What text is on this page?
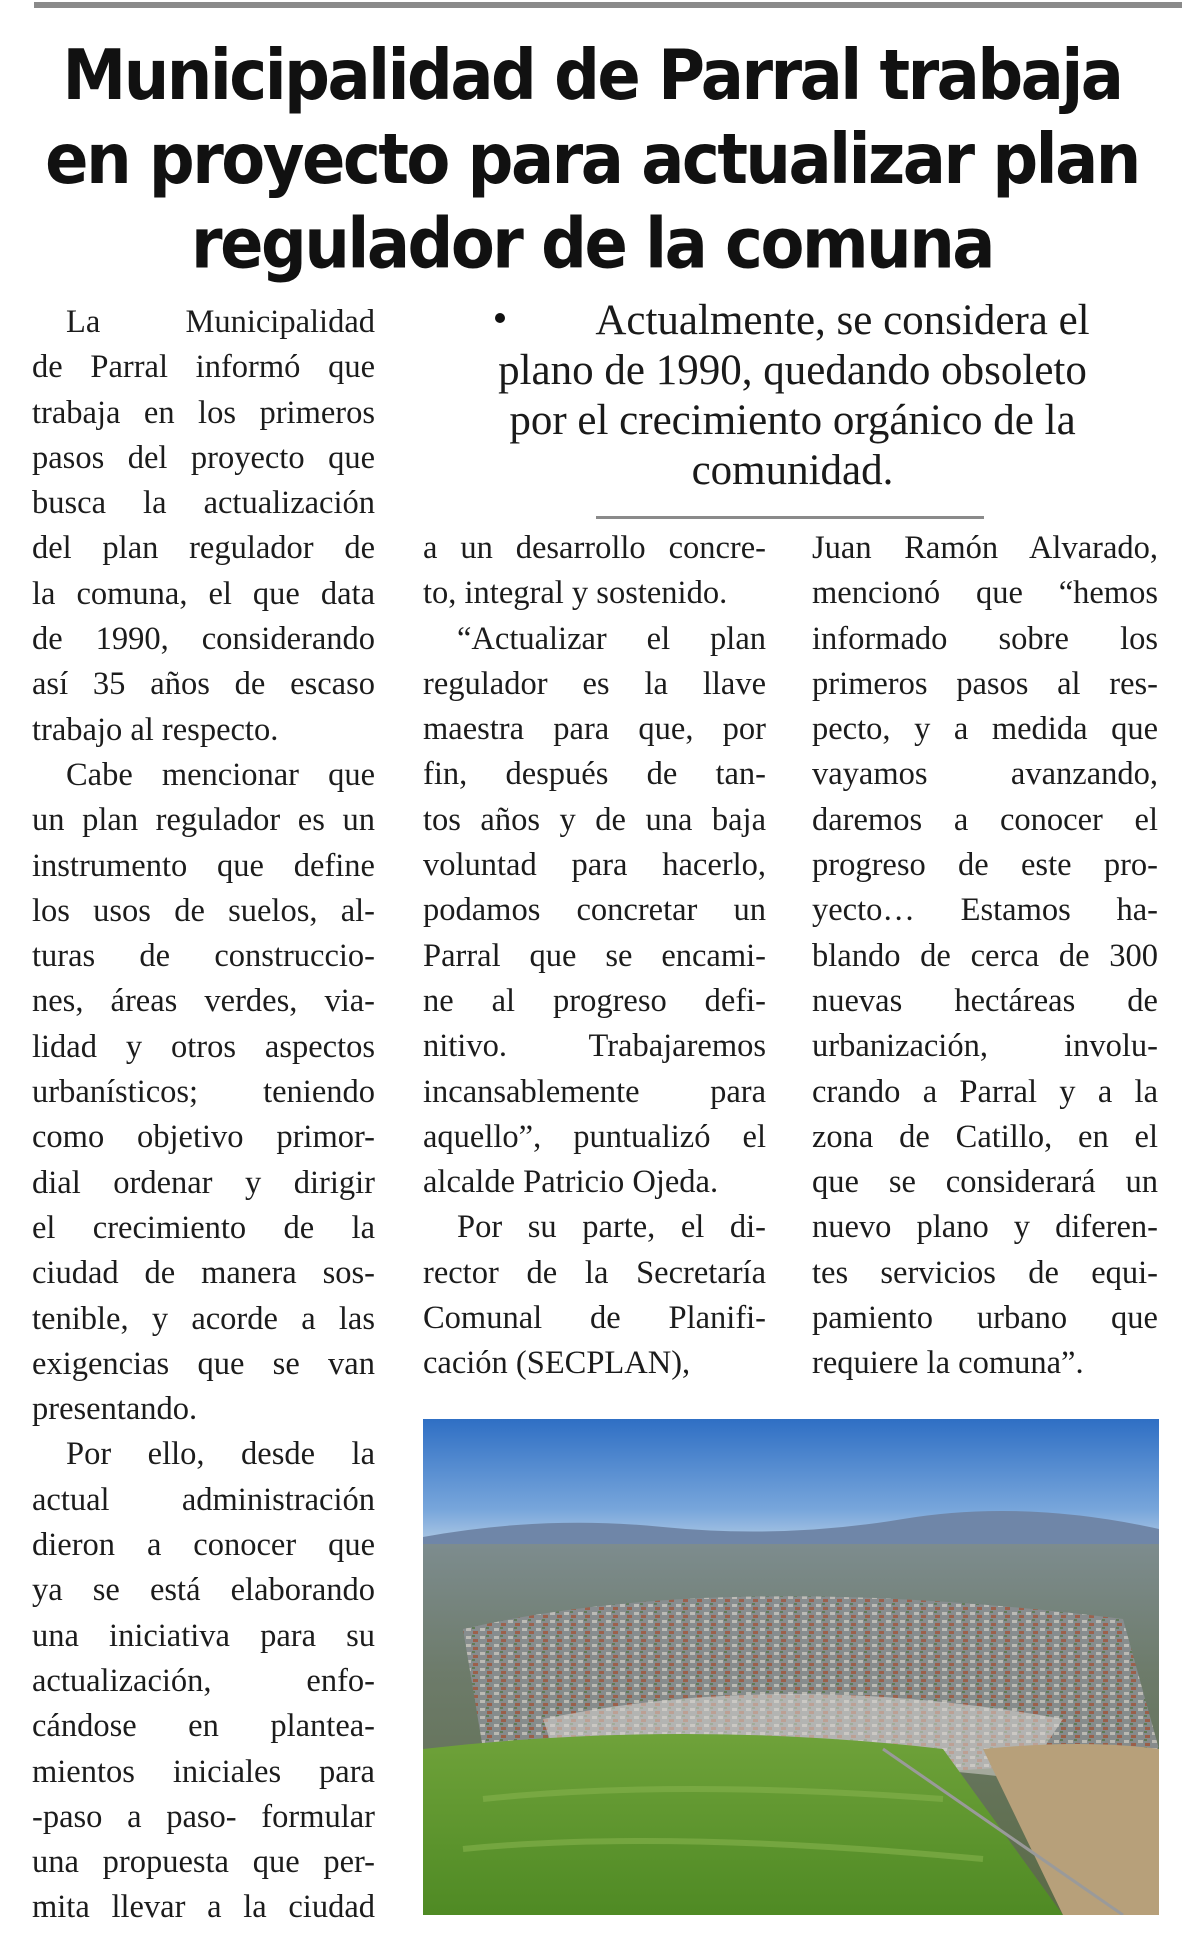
Municipalidad de Parral trabaja
en proyecto para actualizar plan
regulador de la comuna
La Municipalidad
de Parral informó que
trabaja en los primeros
pasos del proyecto que
busca la actualización
del plan regulador de
la comuna, el que data
de 1990, considerando
así 35 años de escaso
trabajo al respecto.
Cabe mencionar que
un plan regulador es un
instrumento que define
los usos de suelos, al-
turas de construccio-
nes, áreas verdes, via-
lidad y otros aspectos
urbanísticos; teniendo
como objetivo primor-
dial ordenar y dirigir
el crecimiento de la
ciudad de manera sos-
tenible, y acorde a las
exigencias que se van
presentando.
Por ello, desde la
actual administración
dieron a conocer que
ya se está elaborando
una iniciativa para su
actualización, enfo-
cándose en plantea-
mientos iniciales para
-paso a paso- formular
una propuesta que per-
mita llevar a la ciudad
Actualmente, se considera el
plano de 1990, quedando obsoleto
por el crecimiento orgánico de la
comunidad.
a un desarrollo concre-
to, integral y sostenido.
“Actualizar el plan
regulador es la llave
maestra para que, por
fin, después de tan-
tos años y de una baja
voluntad para hacerlo,
podamos concretar un
Parral que se encami-
ne al progreso defi-
nitivo. Trabajaremos
incansablemente para
aquello”, puntualizó el
alcalde Patricio Ojeda.
Por su parte, el di-
rector de la Secretaría
Comunal de Planifi-
cación (SECPLAN),
Juan Ramón Alvarado,
mencionó que “hemos
informado sobre los
primeros pasos al res-
pecto, y a medida que
vayamos avanzando,
daremos a conocer el
progreso de este pro-
yecto… Estamos ha-
blando de cerca de 300
nuevas hectáreas de
urbanización, involu-
crando a Parral y a la
zona de Catillo, en el
que se considerará un
nuevo plano y diferen-
tes servicios de equi-
pamiento urbano que
requiere la comuna”.
